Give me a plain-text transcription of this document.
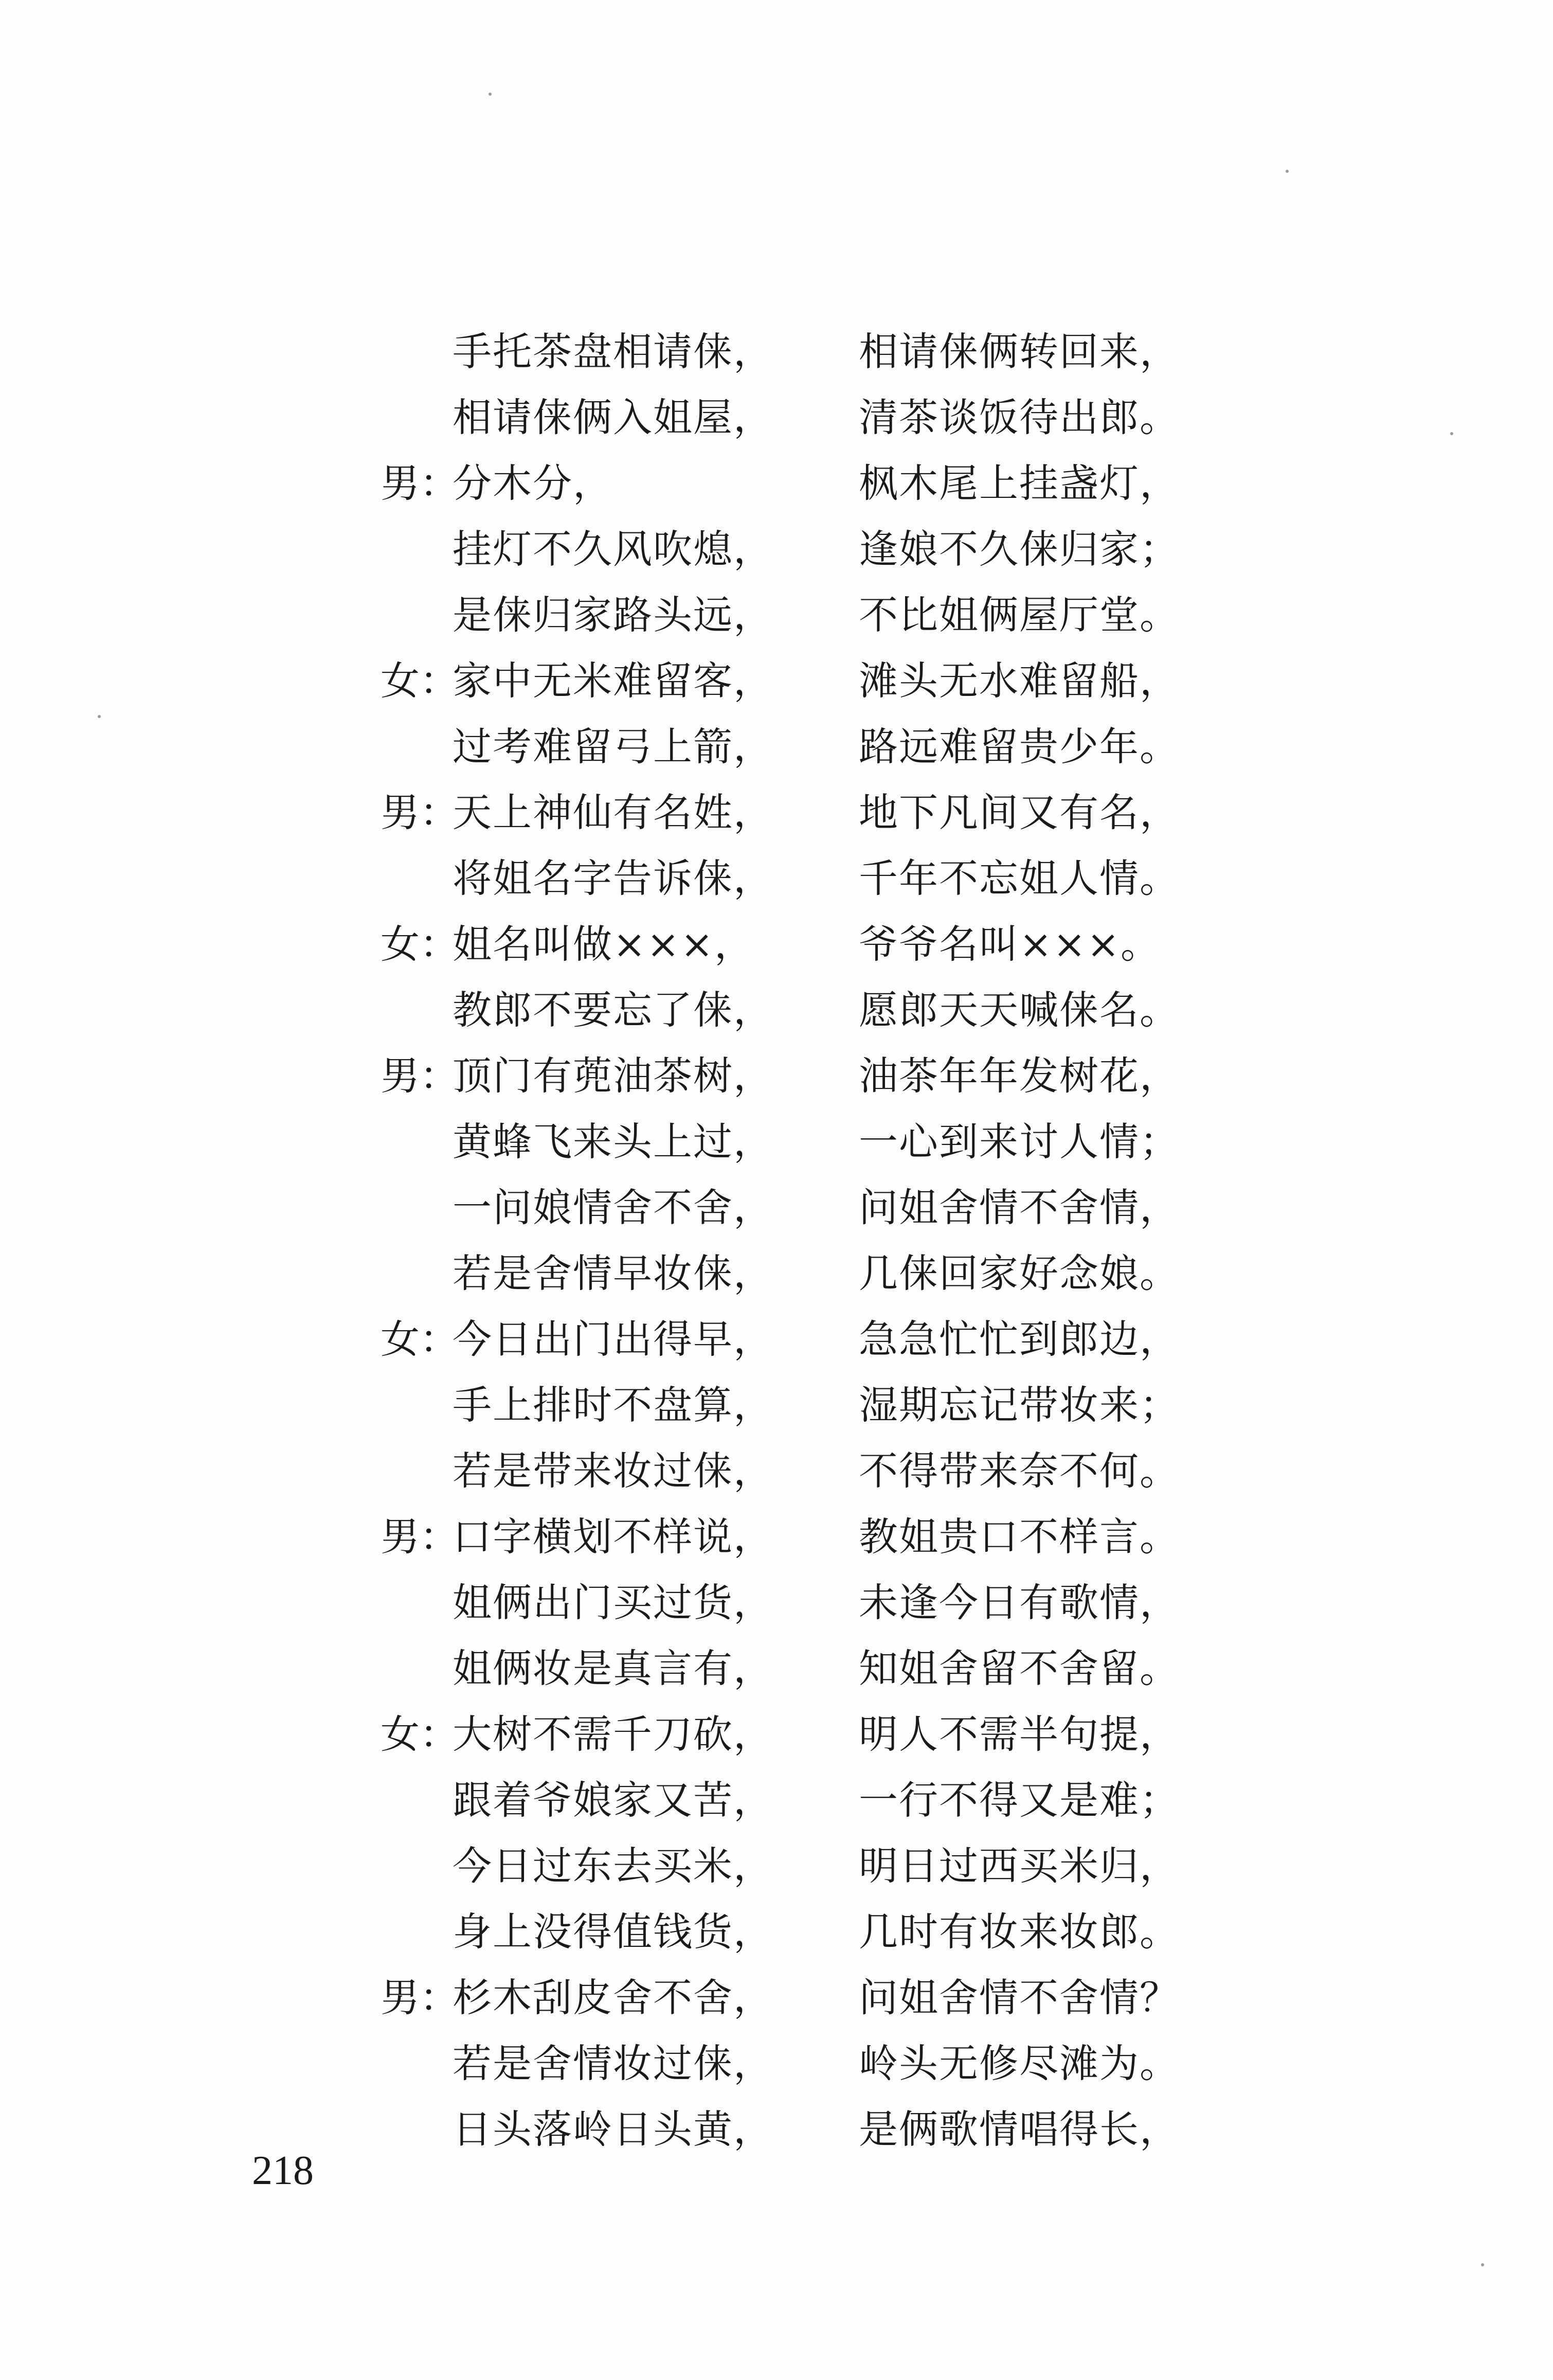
手托茶盘相请俫， 相请俫俩转回来，
相请俫俩入姐屋， 清茶谈饭待出郎。
男：
分木分，	枫木尾上挂盏灯，
挂灯不久风吹熄， 逢娘不久俫归家；
是俫归家路头远， 不比姐俩屋厅堂。
女：
家中无米难留客， 滩头无水难留船，
过考难留弓上箭， 路远难留贵少年。
男：
天上神仙有名姓， 地下凡间又有名，
将姐名字告诉俫， 千年不忘姐人情。
女：
姐名叫做×××，	爷爷名叫×××。
教郎不要忘了俫， 愿郎天天喊俫名。
男：
顶门有蔸油茶树， 油茶年年发树花，
黄蜂飞来头上过， 一心到来讨人情；
一问娘情舍不舍， 问姐舍情不舍情，
若是舍情早妆俫， 几俫回家好念娘。
女：
今日出门出得早， 急急忙忙到郎边，
手上排时不盘算， 湿期忘记带妆来；
若是带来妆过俫， 不得带来奈不何。
男：
口字横划不样说， 教姐贵口不样言。
姐俩出门买过货， 未逢今日有歌情，
姐俩妆是真言有， 知姐舍留不舍留。
女：
大树不需千刀砍， 明人不需半句提，
跟着爷娘家又苦， 一行不得又是难；
今日过东去买米， 明日过西买米归，
身上没得值钱货， 几时有妆来妆郎。
男：
杉木刮皮舍不舍， 问姐舍情不舍情？
若是舍情妆过俫， 岭头无修尽滩为。
日头落岭日头黄， 是俩歌情唱得长，
218
